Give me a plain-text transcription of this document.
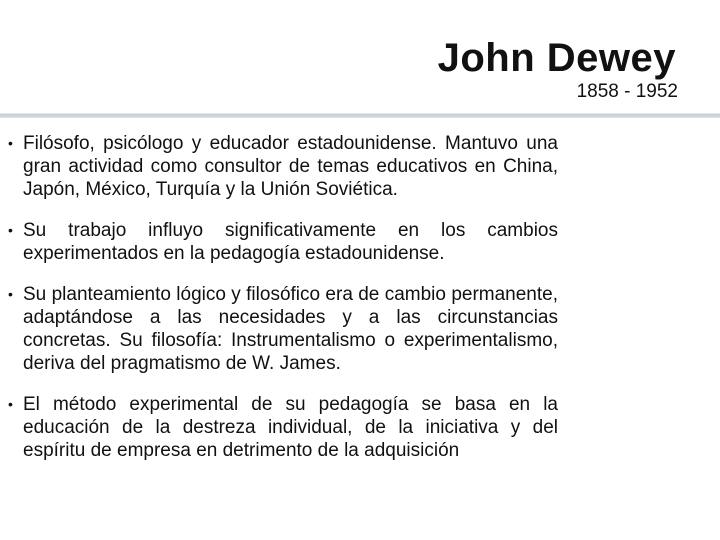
John Dewey
1858 - 1952
• Filósofo, psicólogo y educador estadounidense. Mantuvo una gran actividad como consultor de temas educativos en China, Japón, México, Turquía y la Unión Soviética.
• Su trabajo influyo significativamente en los cambios experimentados en la pedagogía estadounidense.
• Su planteamiento lógico y filosófico era de cambio permanente, adaptándose a las necesidades y a las circunstancias concretas. Su filosofía: Instrumentalismo o experimentalismo, deriva del pragmatismo de W. James.
• El método experimental de su pedagogía se basa en la educación de la destreza individual, de la iniciativa y del espíritu de empresa en detrimento de la adquisición
